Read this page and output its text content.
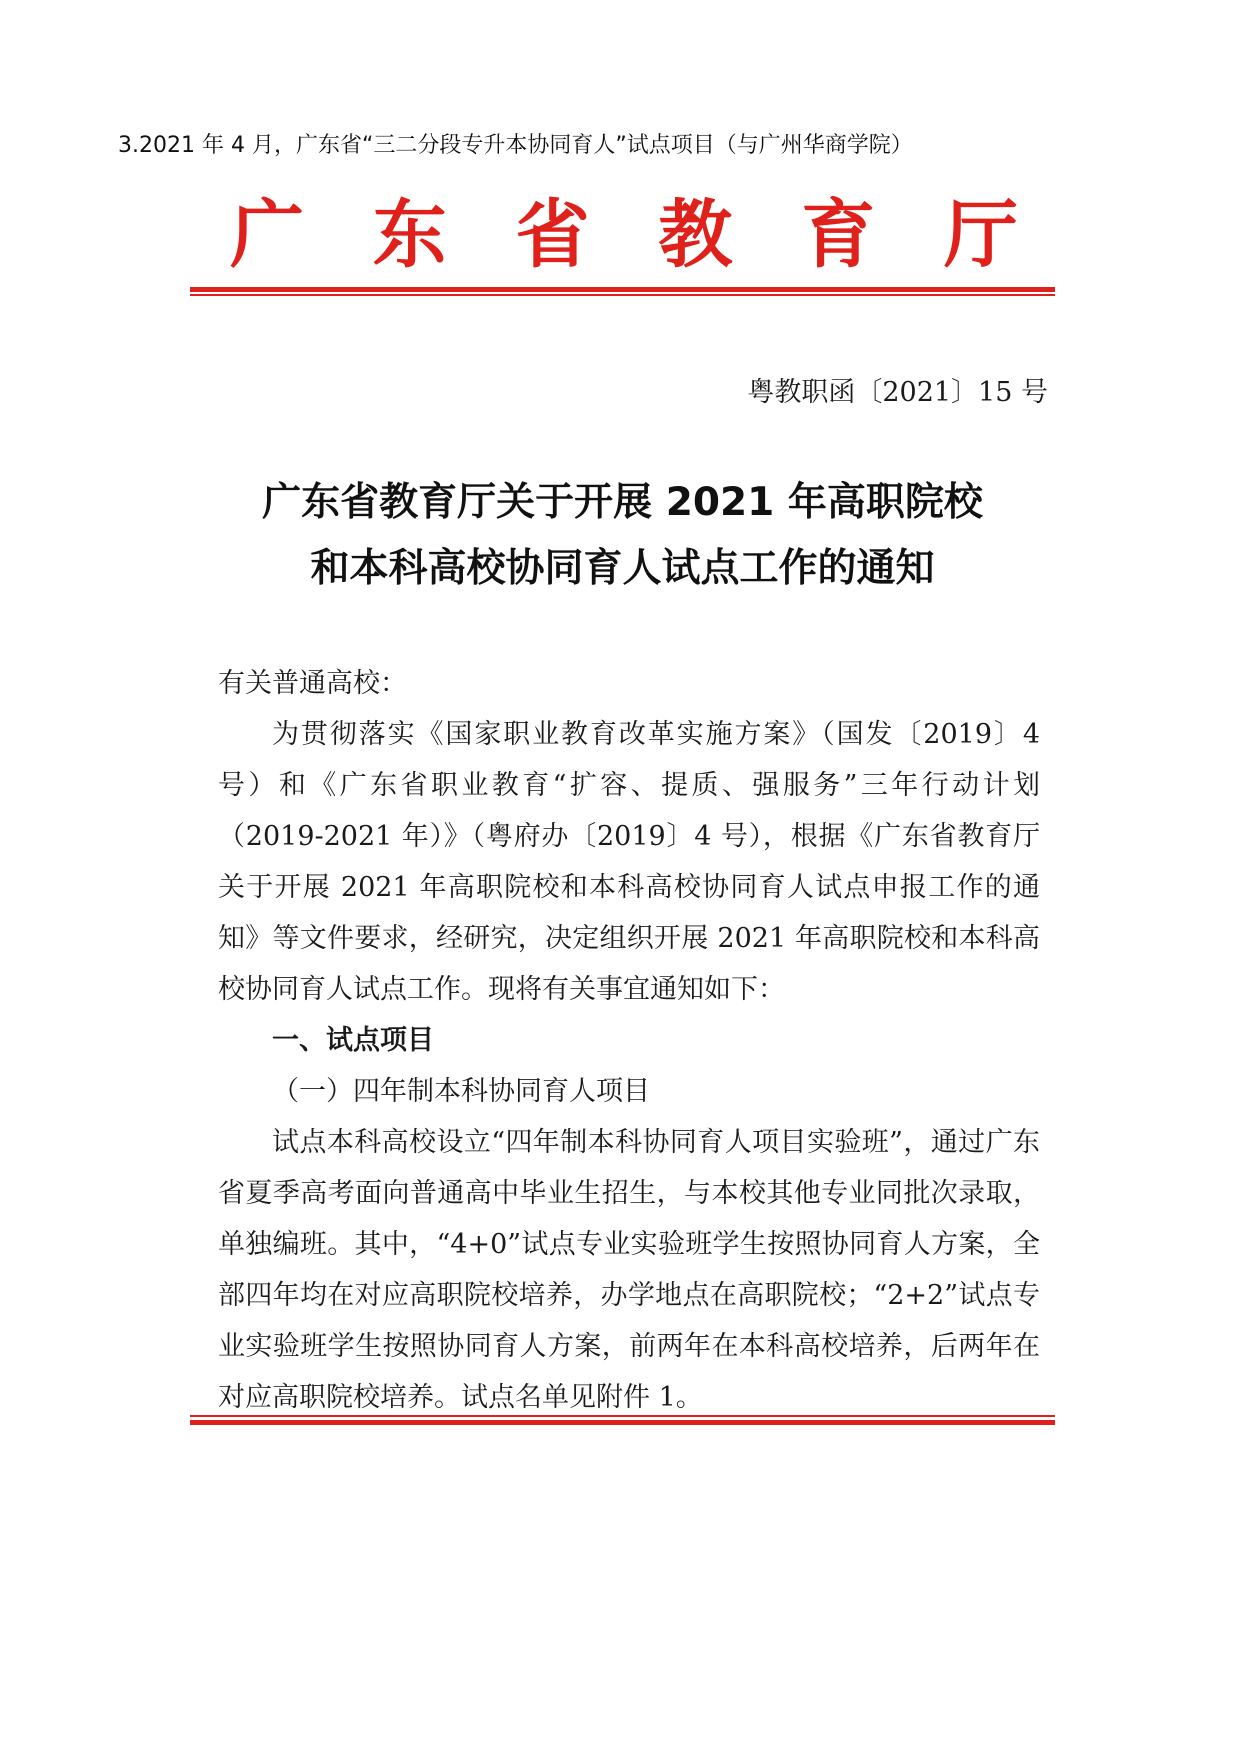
3.2021 年 4 月，广东省“三二分段专升本协同育人”试点项目（与广州华商学院）
广 东 省 教 育 厅
粤教职函〔2021〕15 号
广东省教育厅关于开展 2021 年高职院校
和本科高校协同育人试点工作的通知

有关普通高校：

为贯彻落实《国家职业教育改革实施方案》（国发〔2019〕4 号）和《广东省职业教育“扩容、提质、强服务”三年行动计划（2019-2021 年）》（粤府办〔2019〕4 号），根据《广东省教育厅关于开展 2021 年高职院校和本科高校协同育人试点申报工作的通知》等文件要求，经研究，决定组织开展 2021 年高职院校和本科高校协同育人试点工作。现将有关事宜通知如下：

一、试点项目

（一）四年制本科协同育人项目

试点本科高校设立“四年制本科协同育人项目实验班”，通过广东省夏季高考面向普通高中毕业生招生，与本校其他专业同批次录取，单独编班。其中，“4+0”试点专业实验班学生按照协同育人方案，全部四年均在对应高职院校培养，办学地点在高职院校；“2+2”试点专业实验班学生按照协同育人方案，前两年在本科高校培养，后两年在对应高职院校培养。试点名单见附件 1。
